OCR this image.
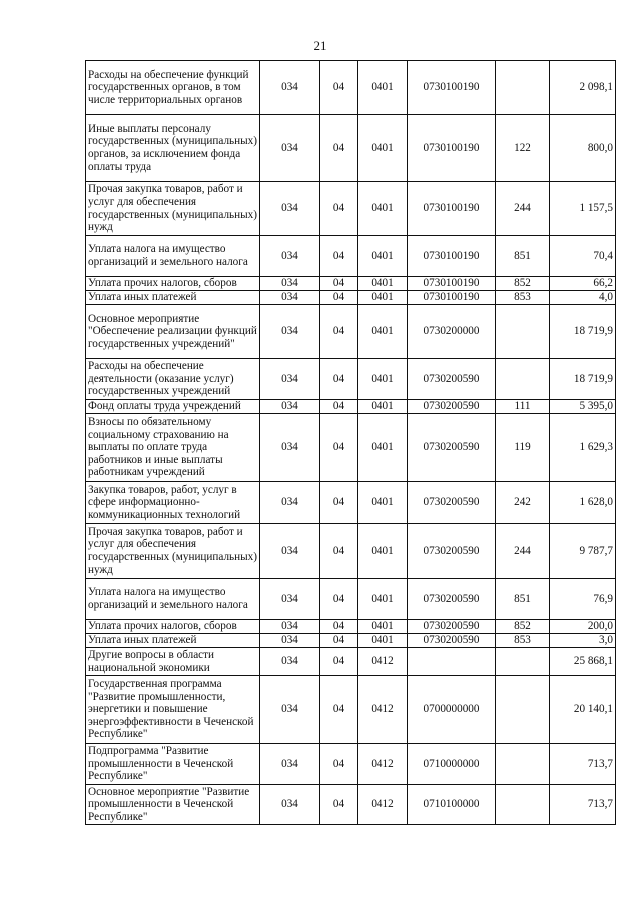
21
Расходы на обеспечение функций государственных органов, в том числе территориальных органов	034	04	0401	0730100190		2 098,1
Иные выплаты персоналу государственных (муниципальных) органов, за исключением фонда оплаты труда	034	04	0401	0730100190	122	800,0
Прочая закупка товаров, работ и услуг для обеспечения государственных (муниципальных) нужд	034	04	0401	0730100190	244	1 157,5
Уплата налога на имущество организаций и земельного налога	034	04	0401	0730100190	851	70,4
Уплата прочих налогов, сборов	034	04	0401	0730100190	852	66,2
Уплата иных платежей	034	04	0401	0730100190	853	4,0
Основное мероприятие "Обеспечение реализации функций государственных учреждений"	034	04	0401	0730200000		18 719,9
Расходы на обеспечение деятельности (оказание услуг) государственных учреждений	034	04	0401	0730200590		18 719,9
Фонд оплаты труда учреждений	034	04	0401	0730200590	111	5 395,0
Взносы по обязательному социальному страхованию на выплаты по оплате труда работников и иные выплаты работникам учреждений	034	04	0401	0730200590	119	1 629,3
Закупка товаров, работ, услуг в сфере информационно-коммуникационных технологий	034	04	0401	0730200590	242	1 628,0
Прочая закупка товаров, работ и услуг для обеспечения государственных (муниципальных) нужд	034	04	0401	0730200590	244	9 787,7
Уплата налога на имущество организаций и земельного налога	034	04	0401	0730200590	851	76,9
Уплата прочих налогов, сборов	034	04	0401	0730200590	852	200,0
Уплата иных платежей	034	04	0401	0730200590	853	3,0
Другие вопросы в области национальной экономики	034	04	0412			25 868,1
Государственная программа "Развитие промышленности, энергетики и повышение энергоэффективности в Чеченской Республике"	034	04	0412	0700000000		20 140,1
Подпрограмма "Развитие промышленности в Чеченской Республике"	034	04	0412	0710000000		713,7
Основное мероприятие "Развитие промышленности в Чеченской Республике"	034	04	0412	0710100000		713,7
